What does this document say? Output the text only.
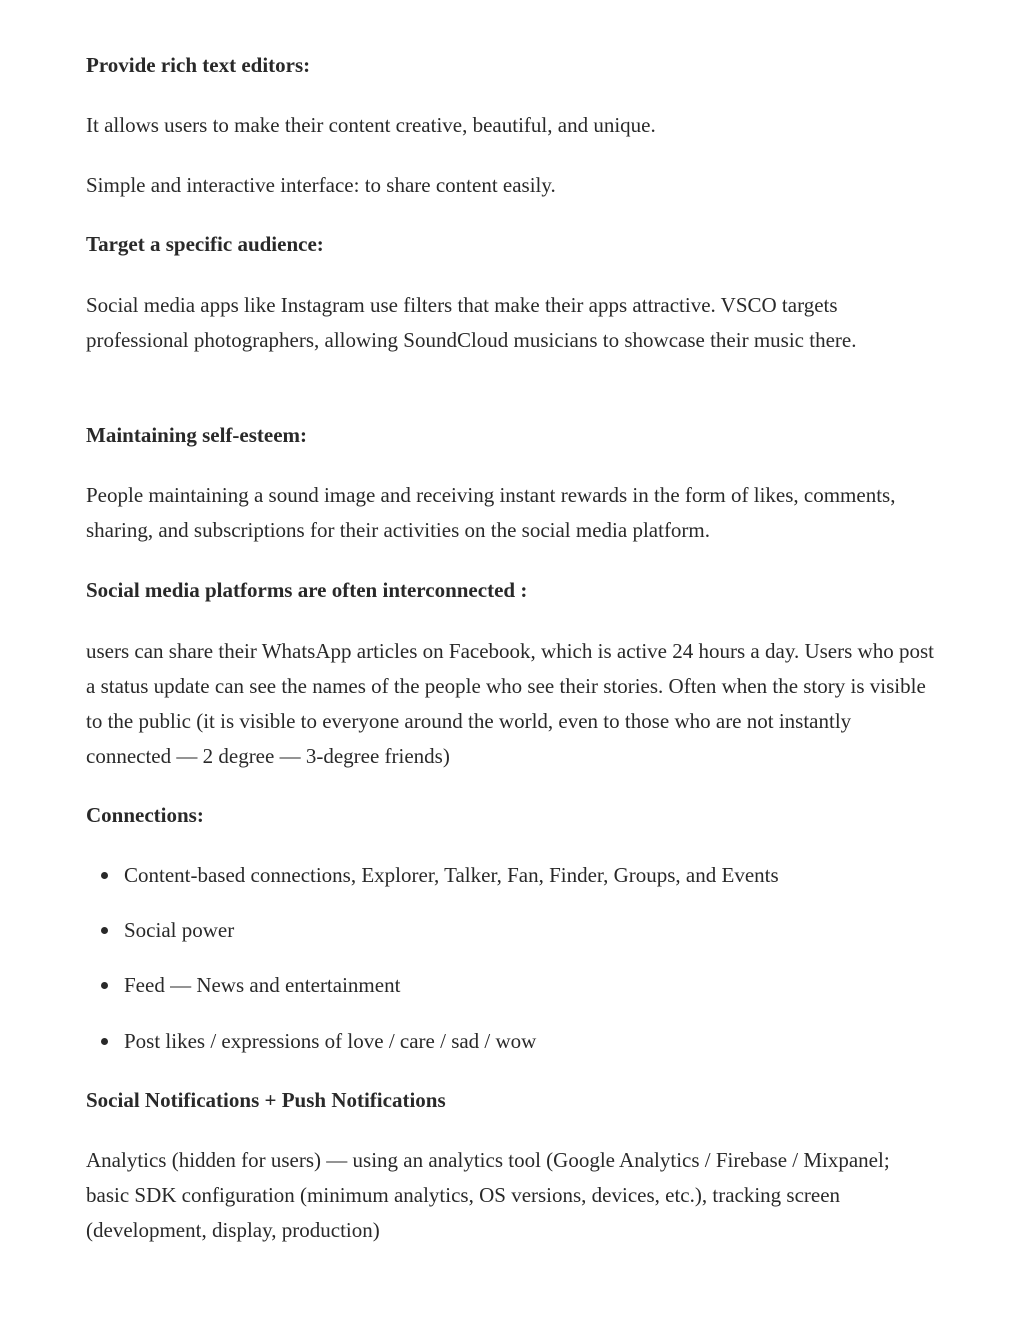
Provide rich text editors:

It allows users to make their content creative, beautiful, and unique.

Simple and interactive interface: to share content easily.

Target a specific audience:

Social media apps like Instagram use filters that make their apps attractive. VSCO targets professional photographers, allowing SoundCloud musicians to showcase their music there.

Maintaining self-esteem:

People maintaining a sound image and receiving instant rewards in the form of likes, comments, sharing, and subscriptions for their activities on the social media platform.

Social media platforms are often interconnected :

users can share their WhatsApp articles on Facebook, which is active 24 hours a day. Users who post a status update can see the names of the people who see their stories. Often when the story is visible to the public (it is visible to everyone around the world, even to those who are not instantly connected — 2 degree — 3-degree friends)

Connections:

Content-based connections, Explorer, Talker, Fan, Finder, Groups, and Events
Social power
Feed — News and entertainment
Post likes / expressions of love / care / sad / wow

Social Notifications + Push Notifications

Analytics (hidden for users) — using an analytics tool (Google Analytics / Firebase / Mixpanel; basic SDK configuration (minimum analytics, OS versions, devices, etc.), tracking screen (development, display, production)
